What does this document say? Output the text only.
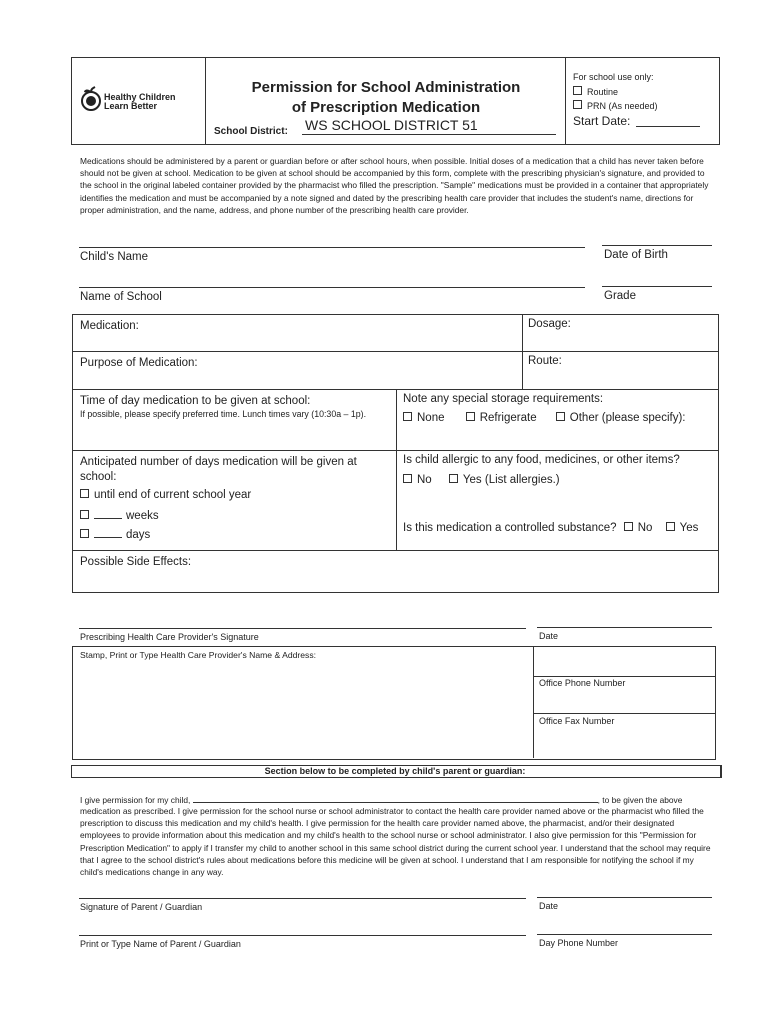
Healthy Children
Learn Better
Permission for School Administration
of Prescription Medication
School District: WS SCHOOL DISTRICT 51
For school use only:
Routine
PRN (As needed)
Start Date:
Medications should be administered by a parent or guardian before or after school hours, when possible. Initial doses of a medication that a child has never taken before should not be given at school. Medication to be given at school should be accompanied by this form, complete with the prescribing physician's signature, and provided to the school in the original labeled container provided by the pharmacist who filled the prescription. "Sample" medications must be provided in a container that appropriately identifies the medication and must be accompanied by a note signed and dated by the prescribing health care provider that includes the student's name, directions for proper administration, and the name, address, and phone number of the prescribing health care provider.
Child's Name	Date of Birth
Name of School	Grade
Medication:	Dosage:
Purpose of Medication:	Route:
Time of day medication to be given at school:
If possible, please specify preferred time. Lunch times vary (10:30a – 1p).
Note any special storage requirements:
None	Refrigerate	Other (please specify):
Anticipated number of days medication will be given at school:
until end of current school year
weeks
days
Is child allergic to any food, medicines, or other items?
No	Yes (List allergies.)
Is this medication a controlled substance? No Yes
Possible Side Effects:
Prescribing Health Care Provider's Signature	Date
Stamp, Print or Type Health Care Provider's Name & Address:
Office Phone Number
Office Fax Number
Section below to be completed by child's parent or guardian:
I give permission for my child,	, to be given the above
medication as prescribed. I give permission for the school nurse or school administrator to contact the health care provider named above or the pharmacist who filled the prescription to discuss this medication and my child's health. I give permission for the health care provider named above, the pharmacist, and/or their designated employees to provide information about this medication and my child's health to the school nurse or school administrator. I also give permission for this "Permission for Prescription Medication" to apply if I transfer my child to another school in this same school district during the current school year. I understand that the school may require that I agree to the school district's rules about medications before this medicine will be given at school. I understand that I am responsible for notifying the school if my child's medications change in any way.
Signature of Parent / Guardian	Date
Print or Type Name of Parent / Guardian	Day Phone Number
